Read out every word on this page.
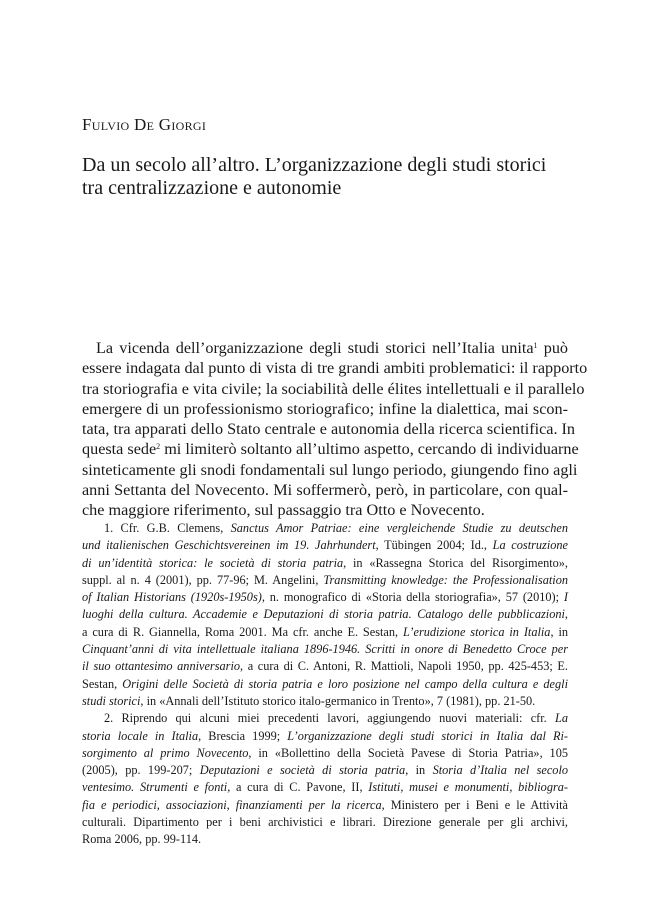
Fulvio De Giorgi
Da un secolo all’altro. L’organizzazione degli studi storici
tra centralizzazione e autonomie
La vicenda dell’organizzazione degli studi storici nell’Italia unita$^1$ può
essere indagata dal punto di vista di tre grandi ambiti problematici: il rapporto
tra storiografia e vita civile; la sociabilità delle élites intellettuali e il parallelo
emergere di un professionismo storiografico; infine la dialettica, mai scon-
tata, tra apparati dello Stato centrale e autonomia della ricerca scientifica. In
questa sede$^2$ mi limiterò soltanto all’ultimo aspetto, cercando di individuarne
sinteticamente gli snodi fondamentali sul lungo periodo, giungendo fino agli
anni Settanta del Novecento. Mi soffermerò, però, in particolare, con qual-
che maggiore riferimento, sul passaggio tra Otto e Novecento.
1. Cfr. G.B. Clemens, Sanctus Amor Patriae: eine vergleichende Studie zu deutschen
und italienischen Geschichtsvereinen im 19. Jahrhundert, Tübingen 2004; Id., La costruzione
di un’identità storica: le società di storia patria, in «Rassegna Storica del Risorgimento»,
suppl. al n. 4 (2001), pp. 77-96; M. Angelini, Transmitting knowledge: the Professionalisation
of Italian Historians (1920s-1950s), n. monografico di «Storia della storiografia», 57 (2010); I
luoghi della cultura. Accademie e Deputazioni di storia patria. Catalogo delle pubblicazioni,
a cura di R. Giannella, Roma 2001. Ma cfr. anche E. Sestan, L’erudizione storica in Italia, in
Cinquant’anni di vita intellettuale italiana 1896-1946. Scritti in onore di Benedetto Croce per
il suo ottantesimo anniversario, a cura di C. Antoni, R. Mattioli, Napoli 1950, pp. 425-453; E.
Sestan, Origini delle Società di storia patria e loro posizione nel campo della cultura e degli
studi storici, in «Annali dell’Istituto storico italo-germanico in Trento», 7 (1981), pp. 21-50.
2. Riprendo qui alcuni miei precedenti lavori, aggiungendo nuovi materiali: cfr. La
storia locale in Italia, Brescia 1999; L’organizzazione degli studi storici in Italia dal Ri-
sorgimento al primo Novecento, in «Bollettino della Società Pavese di Storia Patria», 105
(2005), pp. 199-207; Deputazioni e società di storia patria, in Storia d’Italia nel secolo
ventesimo. Strumenti e fonti, a cura di C. Pavone, II, Istituti, musei e monumenti, bibliogra-
fia e periodici, associazioni, finanziamenti per la ricerca, Ministero per i Beni e le Attività
culturali. Dipartimento per i beni archivistici e librari. Direzione generale per gli archivi,
Roma 2006, pp. 99-114.
